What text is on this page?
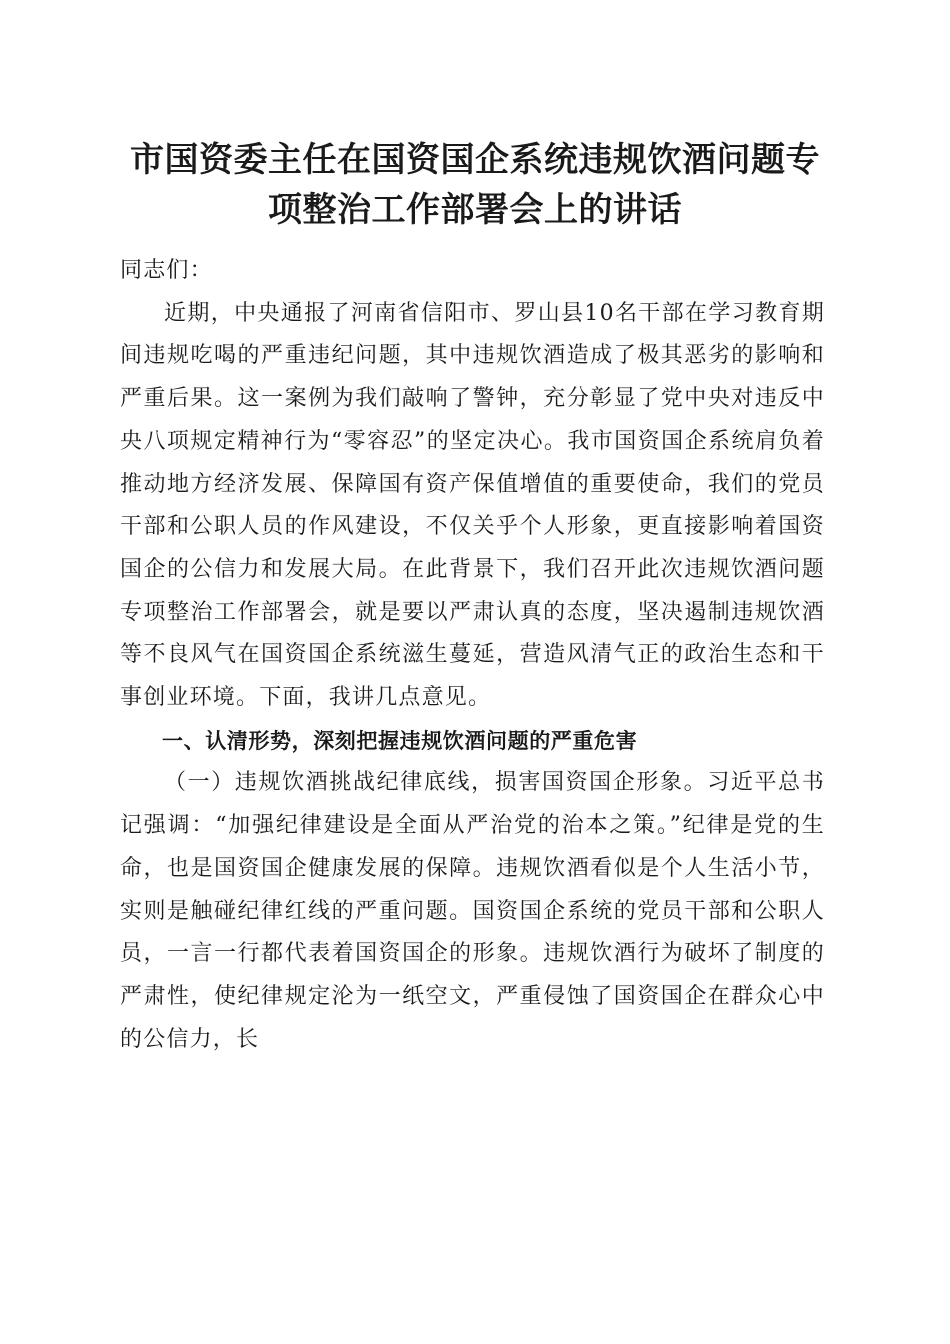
市国资委主任在国资国企系统违规饮酒问题专
项整治工作部署会上的讲话

同志们：

近期，中央通报了河南省信阳市、罗山县10名干部在学习教育期间违规吃喝的严重违纪问题，其中违规饮酒造成了极其恶劣的影响和严重后果。这一案例为我们敲响了警钟，充分彰显了党中央对违反中央八项规定精神行为“零容忍”的坚定决心。我市国资国企系统肩负着推动地方经济发展、保障国有资产保值增值的重要使命，我们的党员干部和公职人员的作风建设，不仅关乎个人形象，更直接影响着国资国企的公信力和发展大局。在此背景下，我们召开此次违规饮酒问题专项整治工作部署会，就是要以严肃认真的态度，坚决遏制违规饮酒等不良风气在国资国企系统滋生蔓延，营造风清气正的政治生态和干事创业环境。下面，我讲几点意见。

一、认清形势，深刻把握违规饮酒问题的严重危害

（一）违规饮酒挑战纪律底线，损害国资国企形象。习近平总书记强调：“加强纪律建设是全面从严治党的治本之策。”纪律是党的生命，也是国资国企健康发展的保障。违规饮酒看似是个人生活小节，实则是触碰纪律红线的严重问题。国资国企系统的党员干部和公职人员，一言一行都代表着国资国企的形象。违规饮酒行为破坏了制度的严肃性，使纪律规定沦为一纸空文，严重侵蚀了国资国企在群众心中的公信力，长
